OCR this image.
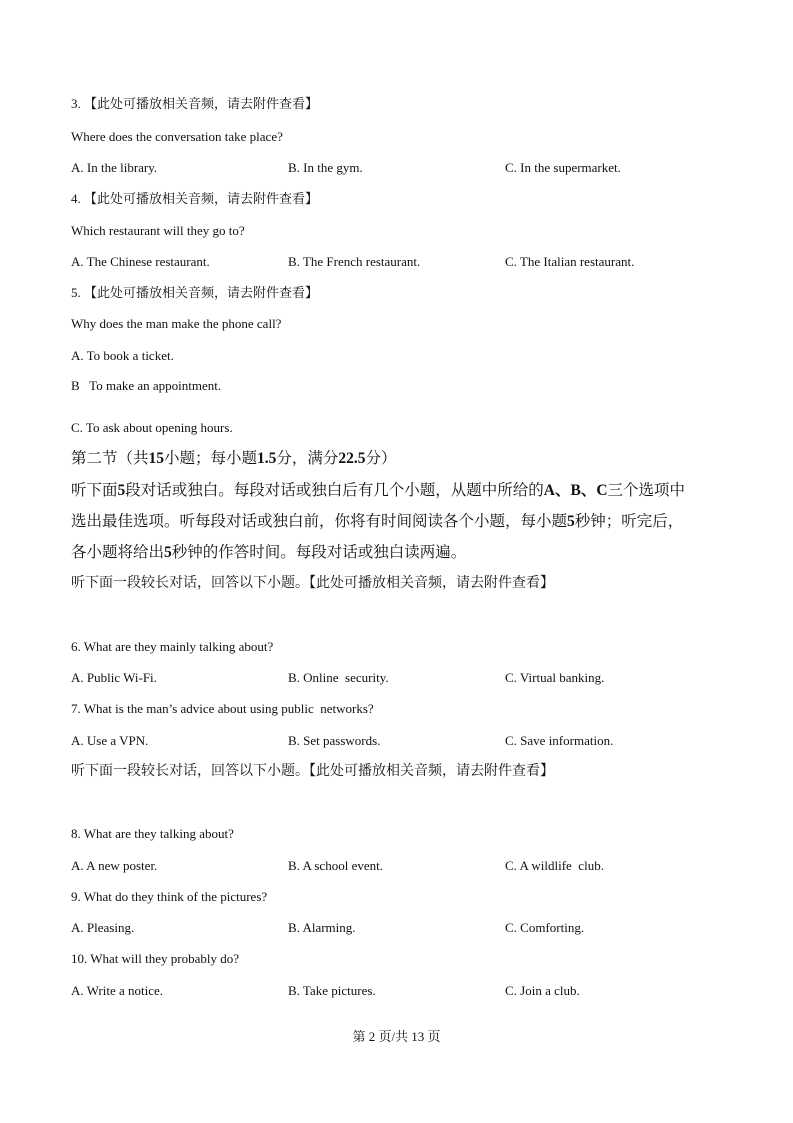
3. 【此处可播放相关音频，请去附件查看】
Where does the conversation take place?
A. In the library.	B. In the gym.	C. In the supermarket.
4. 【此处可播放相关音频，请去附件查看】
Which restaurant will they go to?
A. The Chinese restaurant.	B. The French restaurant.	C. The Italian restaurant.
5. 【此处可播放相关音频，请去附件查看】
Why does the man make the phone call?
A. To book a ticket.
B   To make an appointment.
C. To ask about opening hours.
第二节（共15小题；每小题1.5分，满分22.5分）
听下面5段对话或独白。每段对话或独白后有几个小题，从题中所给的A、B、C三个选项中
选出最佳选项。听每段对话或独白前，你将有时间阅读各个小题，每小题5秒钟；听完后，
各小题将给出5秒钟的作答时间。每段对话或独白读两遍。
听下面一段较长对话，回答以下小题。【此处可播放相关音频，请去附件查看】
6. What are they mainly talking about?
A. Public Wi-Fi.	B. Online  security.	C. Virtual banking.
7. What is the man’s advice about using public  networks?
A. Use a VPN.	B. Set passwords.	C. Save information.
听下面一段较长对话，回答以下小题。【此处可播放相关音频，请去附件查看】
8. What are they talking about?
A. A new poster.	B. A school event.	C. A wildlife  club.
9. What do they think of the pictures?
A. Pleasing.	B. Alarming.	C. Comforting.
10. What will they probably do?
A. Write a notice.	B. Take pictures.	C. Join a club.
第 2 页/共 13 页
